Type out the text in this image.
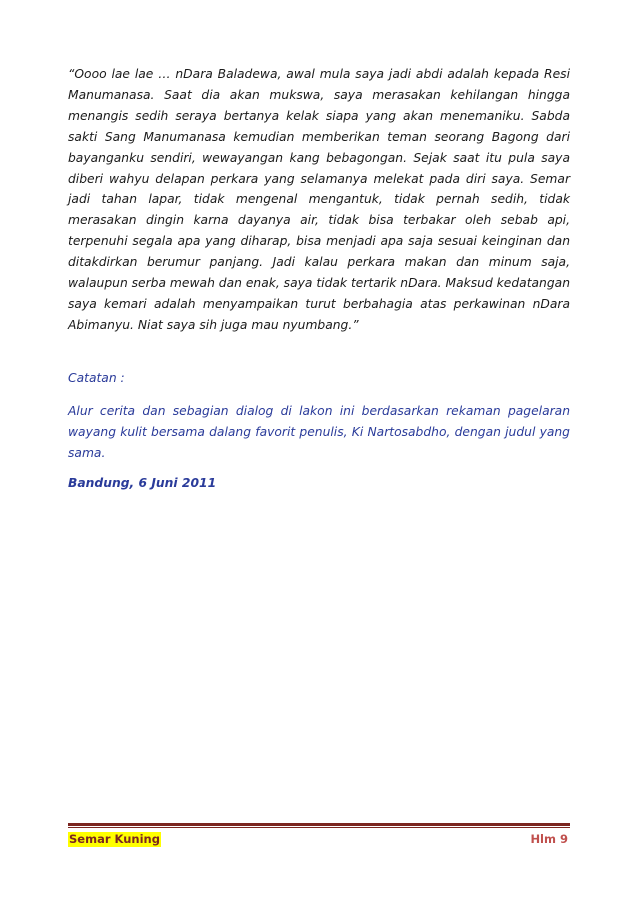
“Oooo lae lae … nDara Baladewa, awal mula saya jadi abdi adalah kepada Resi Manumanasa. Saat dia akan mukswa, saya merasakan kehilangan hingga menangis sedih seraya bertanya kelak siapa yang akan menemaniku. Sabda sakti Sang Manumanasa kemudian memberikan teman seorang Bagong dari bayanganku sendiri, wewayangan kang bebagongan. Sejak saat itu pula saya diberi wahyu delapan perkara yang selamanya melekat pada diri saya. Semar jadi tahan lapar, tidak mengenal mengantuk, tidak pernah sedih, tidak merasakan dingin karna dayanya air, tidak bisa terbakar oleh sebab api, terpenuhi segala apa yang diharap, bisa menjadi apa saja sesuai keinginan dan ditakdirkan berumur panjang. Jadi kalau perkara makan dan minum saja, walaupun serba mewah dan enak, saya tidak tertarik nDara. Maksud kedatangan saya kemari adalah menyampaikan turut berbahagia atas perkawinan nDara Abimanyu. Niat saya sih juga mau nyumbang.”

Catatan :

Alur cerita dan sebagian dialog di lakon ini berdasarkan rekaman pagelaran wayang kulit bersama dalang favorit penulis, Ki Nartosabdho, dengan judul yang sama.

Bandung, 6 Juni 2011

Semar Kuning	Hlm 9
